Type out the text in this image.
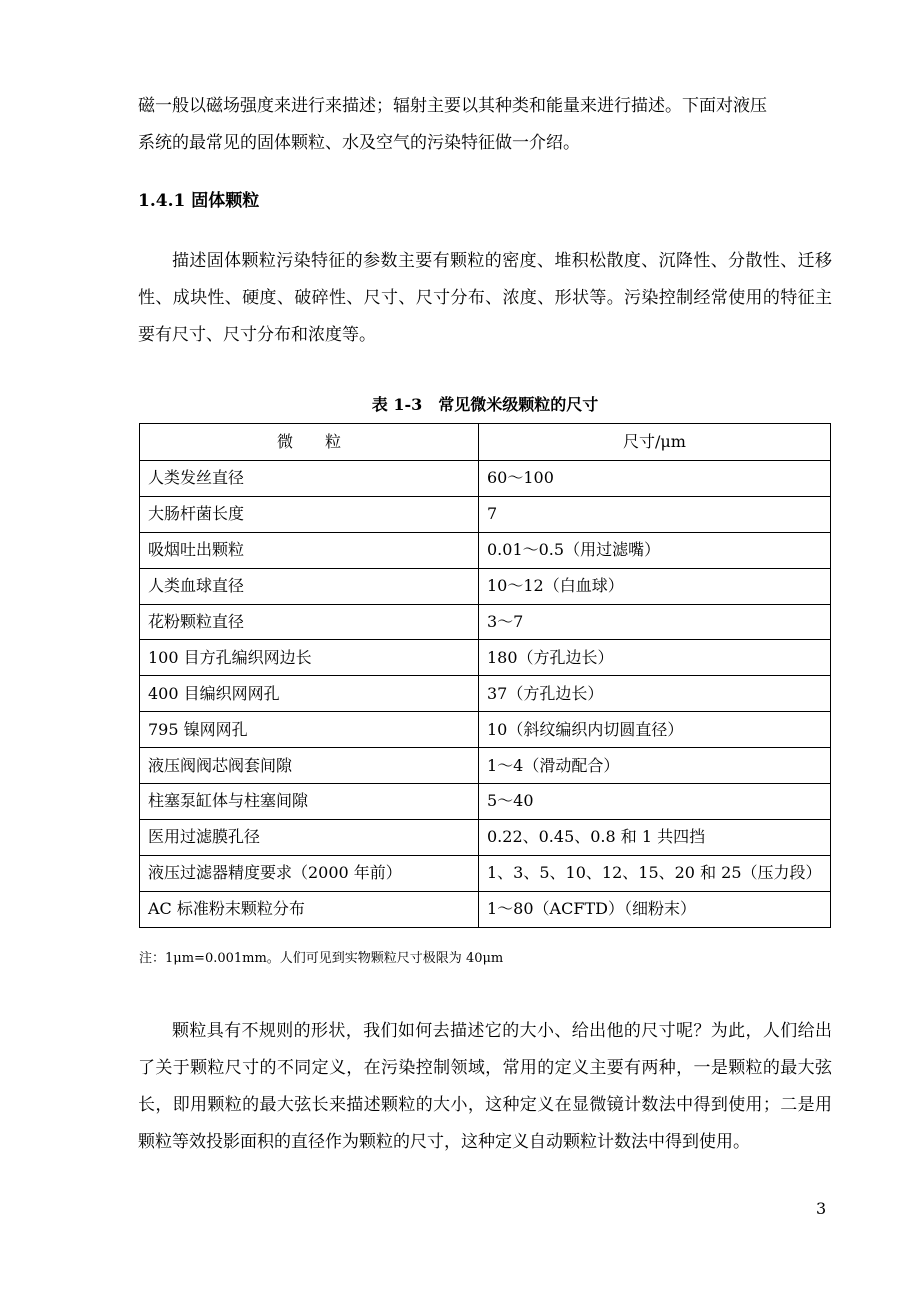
磁一般以磁场强度来进行来描述；辐射主要以其种类和能量来进行描述。下面对液压
系统的最常见的固体颗粒、水及空气的污染特征做一介绍。

1.4.1 固体颗粒

描述固体颗粒污染特征的参数主要有颗粒的密度、堆积松散度、沉降性、分散性、迁移性、成块性、硬度、破碎性、尺寸、尺寸分布、浓度、形状等。污染控制经常使用的特征主要有尺寸、尺寸分布和浓度等。

表 1-3　常见微米级颗粒的尺寸

微　　粒	尺寸/μm
人类发丝直径	60～100
大肠杆菌长度	7
吸烟吐出颗粒	0.01～0.5（用过滤嘴）
人类血球直径	10～12（白血球）
花粉颗粒直径	3～7
100 目方孔编织网边长	180（方孔边长）
400 目编织网网孔	37（方孔边长）
795 镍网网孔	10（斜纹编织内切圆直径）
液压阀阀芯阀套间隙	1～4（滑动配合）
柱塞泵缸体与柱塞间隙	5～40
医用过滤膜孔径	0.22、0.45、0.8 和 1 共四挡
液压过滤器精度要求（2000 年前）	1、3、5、10、12、15、20 和 25（压力段）
AC 标准粉末颗粒分布	1～80（ACFTD）（细粉末）

注：1μm=0.001mm。人们可见到实物颗粒尺寸极限为 40μm

颗粒具有不规则的形状，我们如何去描述它的大小、给出他的尺寸呢？为此，人们给出了关于颗粒尺寸的不同定义，在污染控制领域，常用的定义主要有两种，一是颗粒的最大弦长，即用颗粒的最大弦长来描述颗粒的大小，这种定义在显微镜计数法中得到使用；二是用颗粒等效投影面积的直径作为颗粒的尺寸，这种定义自动颗粒计数法中得到使用。

3
